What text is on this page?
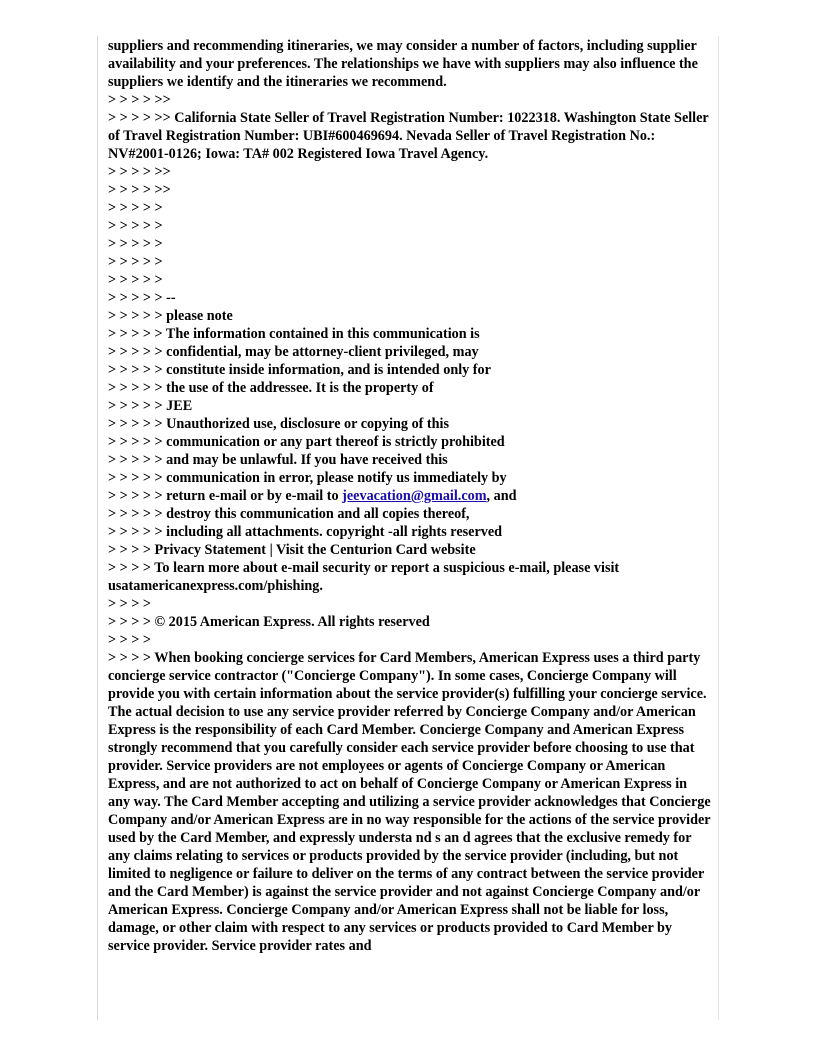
suppliers and recommending itineraries, we may consider a number of factors, including supplier availability and your preferences. The relationships we have with suppliers may also influence the suppliers we identify and the itineraries we recommend.

> > > > >>

> > > > >> California State Seller of Travel Registration Number: 1022318. Washington State Seller of Travel Registration Number: UBI#600469694. Nevada Seller of Travel Registration No.: NV#2001-0126; Iowa: TA# 002 Registered Iowa Travel Agency.

> > > > >>

> > > > >>

> > > > >

> > > > >

> > > > >

> > > > >

> > > > >

> > > > > --

> > > > > please note

> > > > > The information contained in this communication is

> > > > > confidential, may be attorney-client privileged, may

> > > > > constitute inside information, and is intended only for

> > > > > the use of the addressee. It is the property of

> > > > > JEE

> > > > > Unauthorized use, disclosure or copying of this

> > > > > communication or any part thereof is strictly prohibited

> > > > > and may be unlawful. If you have received this

> > > > > communication in error, please notify us immediately by

> > > > > return e-mail or by e-mail to jeevacation@gmail.com, and

> > > > > destroy this communication and all copies thereof,

> > > > > including all attachments. copyright -all rights reserved

> > > > Privacy Statement | Visit the Centurion Card website

> > > > To learn more about e-mail security or report a suspicious e-mail, please visit usatamericanexpress.com/phishing.

> > > >

> > > > © 2015 American Express. All rights reserved

> > > >

> > > > When booking concierge services for Card Members, American Express uses a third party concierge service contractor ("Concierge Company"). In some cases, Concierge Company will provide you with certain information about the service provider(s) fulfilling your concierge service. The actual decision to use any service provider referred by Concierge Company and/or American Express is the responsibility of each Card Member. Concierge Company and American Express strongly recommend that you carefully consider each service provider before choosing to use that provider. Service providers are not employees or agents of Concierge Company or American Express, and are not authorized to act on behalf of Concierge Company or American Express in any way. The Card Member accepting and utilizing a service provider acknowledges that Concierge Company and/or American Express are in no way responsible for the actions of the service provider used by the Card Member, and expressly understa nd s an d agrees that the exclusive remedy for any claims relating to services or products provided by the service provider (including, but not limited to negligence or failure to deliver on the terms of any contract between the service provider and the Card Member) is against the service provider and not against Concierge Company and/or American Express. Concierge Company and/or American Express shall not be liable for loss, damage, or other claim with respect to any services or products provided to Card Member by service provider. Service provider rates and
